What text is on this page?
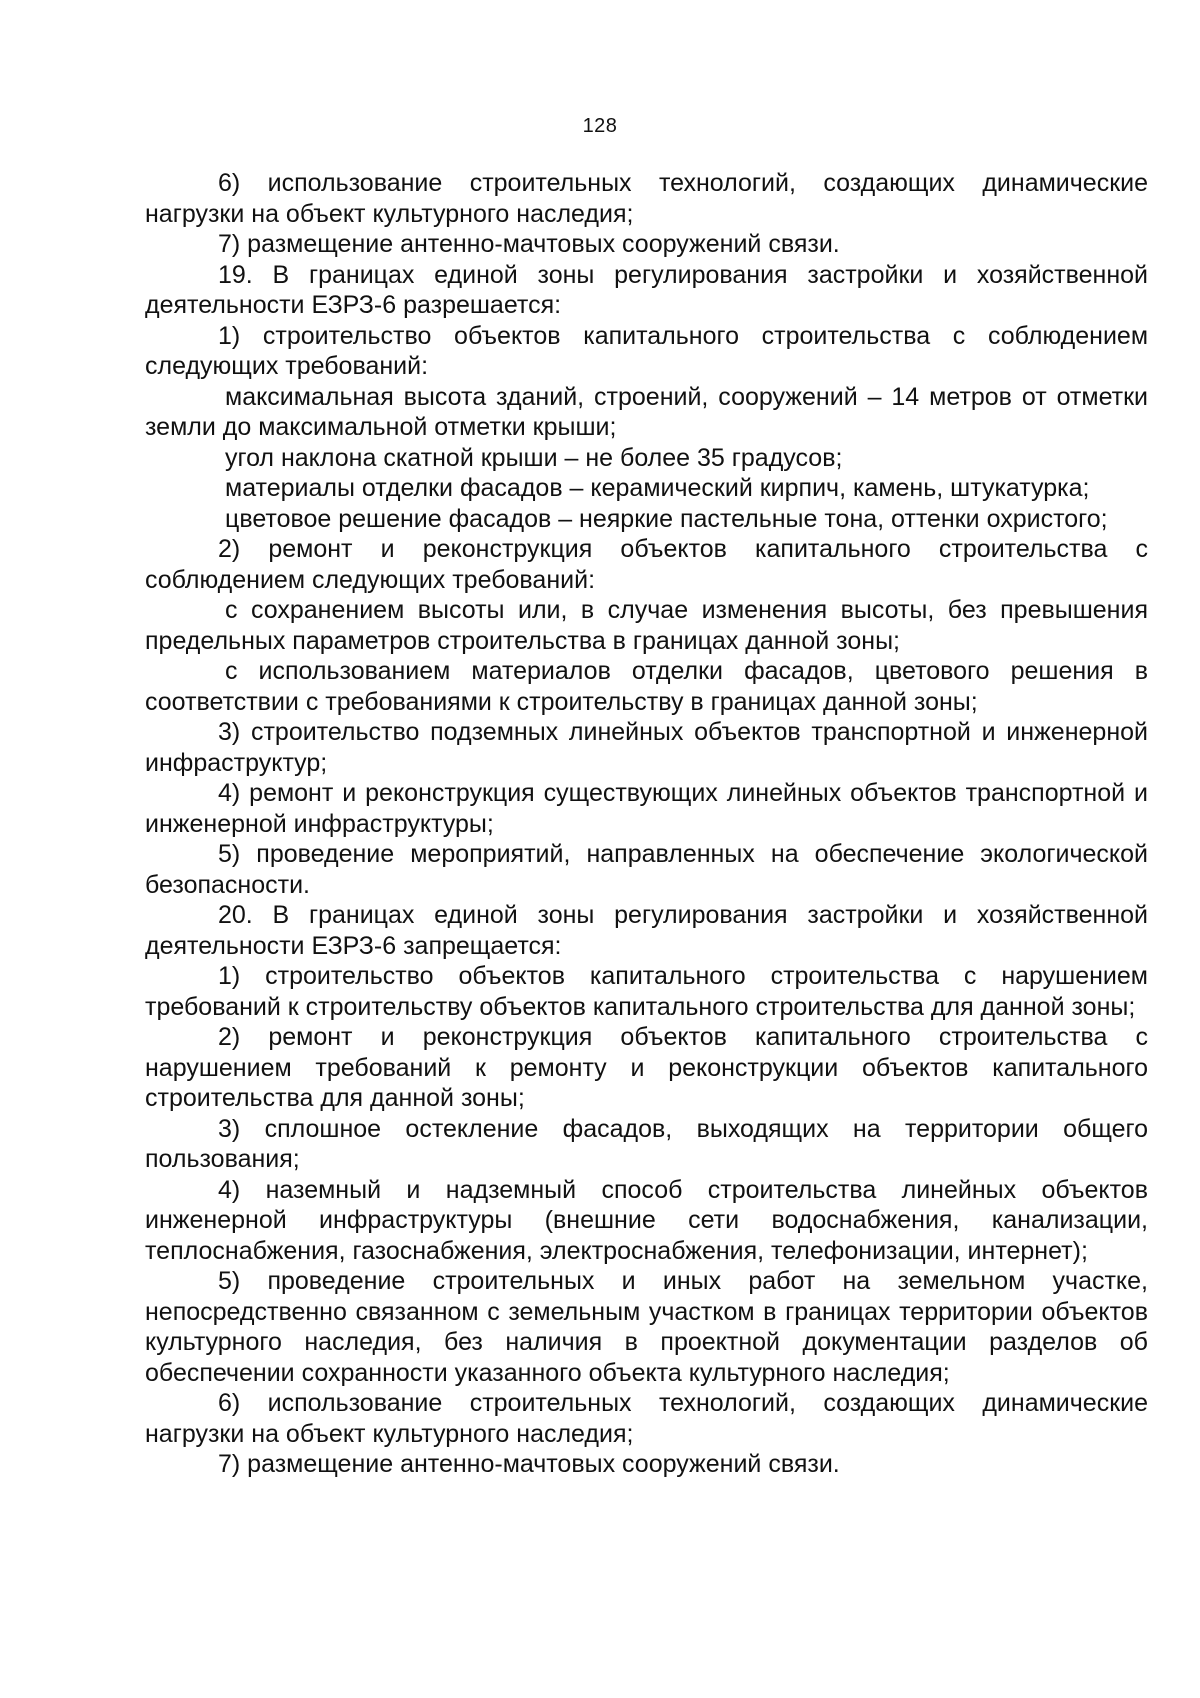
128

6) использование строительных технологий, создающих динамические нагрузки на объект культурного наследия;

7) размещение антенно-мачтовых сооружений связи.

19. В границах единой зоны регулирования застройки и хозяйственной деятельности ЕЗРЗ-6 разрешается:

1) строительство объектов капитального строительства с соблюдением следующих требований:

максимальная высота зданий, строений, сооружений – 14 метров от отметки земли до максимальной отметки крыши;

угол наклона скатной крыши – не более 35 градусов;

материалы отделки фасадов – керамический кирпич, камень, штукатурка;

цветовое решение фасадов – неяркие пастельные тона, оттенки охристого;

2) ремонт и реконструкция объектов капитального строительства с соблюдением следующих требований:

с сохранением высоты или, в случае изменения высоты, без превышения предельных параметров строительства в границах данной зоны;

с использованием материалов отделки фасадов, цветового решения в соответствии с требованиями к строительству в границах данной зоны;

3) строительство подземных линейных объектов транспортной и инженерной инфраструктур;

4) ремонт и реконструкция существующих линейных объектов транспортной и инженерной инфраструктуры;

5) проведение мероприятий, направленных на обеспечение экологической безопасности.

20. В границах единой зоны регулирования застройки и хозяйственной деятельности ЕЗРЗ-6 запрещается:

1) строительство объектов капитального строительства с нарушением требований к строительству объектов капитального строительства для данной зоны;

2) ремонт и реконструкция объектов капитального строительства с нарушением требований к ремонту и реконструкции объектов капитального строительства для данной зоны;

3) сплошное остекление фасадов, выходящих на территории общего пользования;

4) наземный и надземный способ строительства линейных объектов инженерной инфраструктуры (внешние сети водоснабжения, канализации, теплоснабжения, газоснабжения, электроснабжения, телефонизации, интернет);

5) проведение строительных и иных работ на земельном участке, непосредственно связанном с земельным участком в границах территории объектов культурного наследия, без наличия в проектной документации разделов об обеспечении сохранности указанного объекта культурного наследия;

6) использование строительных технологий, создающих динамические нагрузки на объект культурного наследия;

7) размещение антенно-мачтовых сооружений связи.
